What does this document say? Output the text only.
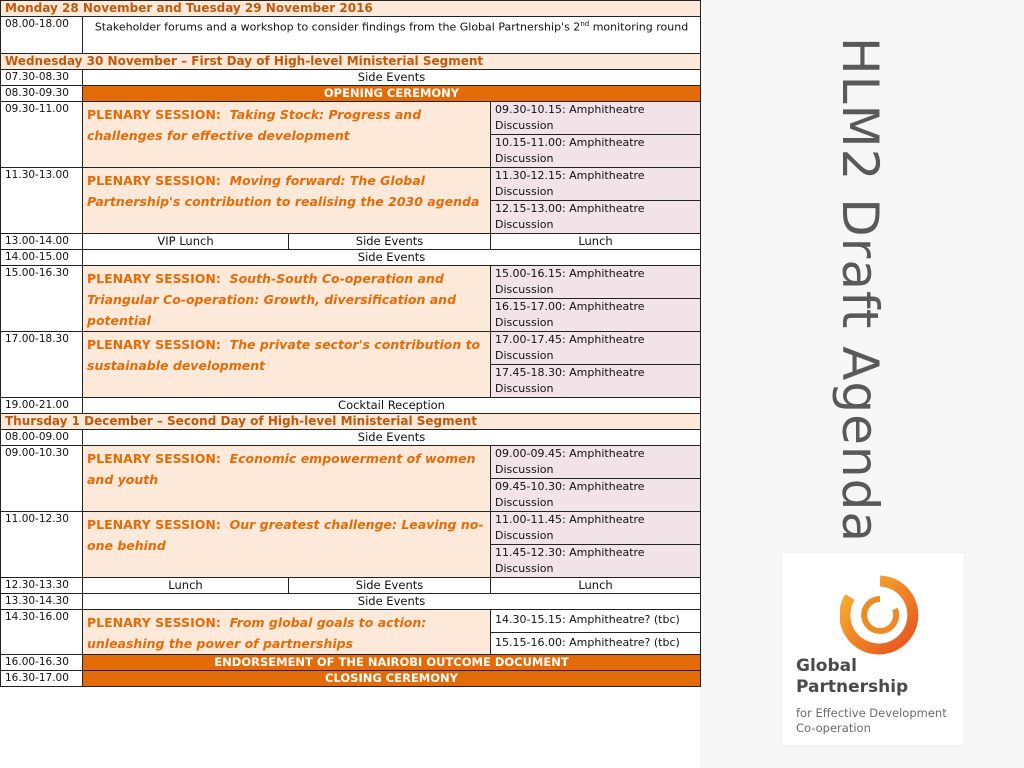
Monday 28 November and Tuesday 29 November 2016			
08.00-18.00	Stakeholder forums and a workshop to consider findings from the Global Partnership's 2nd monitoring round		
Wednesday 30 November – First Day of High-level Ministerial Segment			
07.30-08.30	Side Events		
08.30-09.30	OPENING CEREMONY		
09.30-11.00	PLENARY SESSION: Taking Stock: Progress and challenges for effective development		09.30-10.15: Amphitheatre Discussion
			10.15-11.00: Amphitheatre Discussion
11.30-13.00	PLENARY SESSION: Moving forward: The Global Partnership's contribution to realising the 2030 agenda		11.30-12.15: Amphitheatre Discussion
			12.15-13.00: Amphitheatre Discussion
13.00-14.00	VIP Lunch	Side Events	Lunch
14.00-15.00	Side Events		
15.00-16.30	PLENARY SESSION: South-South Co-operation and Triangular Co-operation: Growth, diversification and potential		15.00-16.15: Amphitheatre Discussion
			16.15-17.00: Amphitheatre Discussion
17.00-18.30	PLENARY SESSION: The private sector's contribution to sustainable development		17.00-17.45: Amphitheatre Discussion
			17.45-18.30: Amphitheatre Discussion
19.00-21.00	Cocktail Reception		
Thursday 1 December – Second Day of High-level Ministerial Segment			
08.00-09.00	Side Events		
09.00-10.30	PLENARY SESSION: Economic empowerment of women and youth		09.00-09.45: Amphitheatre Discussion
			09.45-10.30: Amphitheatre Discussion
11.00-12.30	PLENARY SESSION: Our greatest challenge: Leaving no-one behind		11.00-11.45: Amphitheatre Discussion
			11.45-12.30: Amphitheatre Discussion
12.30-13.30	Lunch	Side Events	Lunch
13.30-14.30	Side Events		
14.30-16.00	PLENARY SESSION: From global goals to action: unleashing the power of partnerships		14.30-15.15: Amphitheatre? (tbc)
			15.15-16.00: Amphitheatre? (tbc)
16.00-16.30	ENDORSEMENT OF THE NAIROBI OUTCOME DOCUMENT		
16.30-17.00	CLOSING CEREMONY		
HLM2 Draft Agenda
Global
Partnership
for Effective Development
Co-operation
